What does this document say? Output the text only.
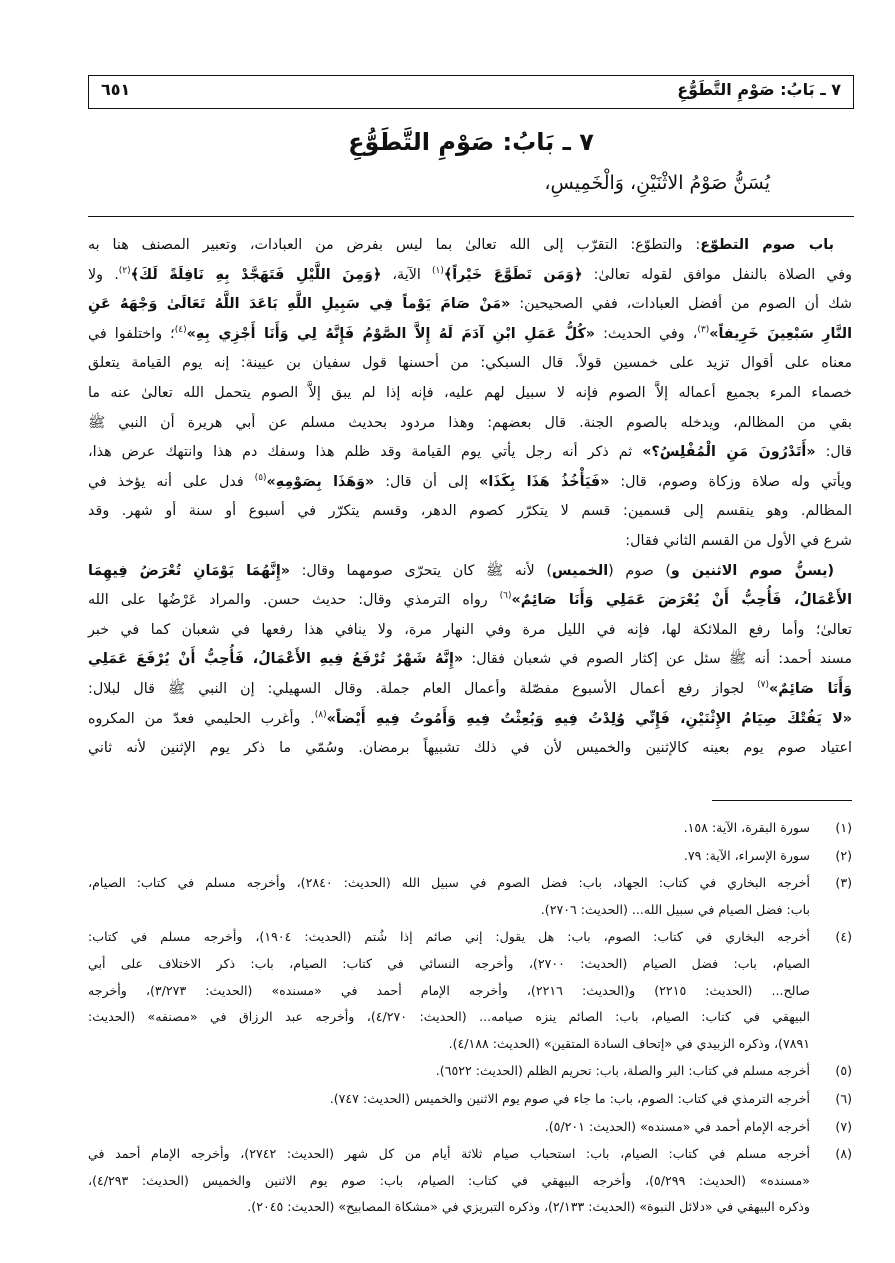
٧ ـ بَابُ: صَوْمِ التَّطَوُّعِ
٦٥١
٧ ـ بَابُ: صَوْمِ التَّطَوُّعِ
يُسَنُّ صَوْمُ الاثْنَيْنِ، وَالْخَمِيسِ،
باب صوم التطوّع: والتطوّع: التقرّب إلى الله تعالىٰ بما ليس بفرض من العبادات، وتعبير المصنف هنا به
وفي الصلاة بالنفل موافق لقوله تعالىٰ: ﴿وَمَن تَطَوَّعَ خَيْراً﴾$^{(١)}$ الآية، ﴿وَمِنَ اللَّيْلِ فَتَهَجَّدْ بِهِ نَافِلَةً لَكَ﴾$^{(٢)}$. ولا
شك أن الصوم من أفضل العبادات، ففي الصحيحين: «مَنْ صَامَ يَوْماً فِي سَبِيلِ اللَّهِ بَاعَدَ اللَّهُ تَعَالَىٰ وَجْهَهُ عَنِ
النَّارِ سَبْعِينَ خَرِيفاً»$^{(٣)}$، وفي الحديث: «كُلُّ عَمَلِ ابْنِ آدَمَ لَهُ إِلاَّ الصَّوْمُ فَإِنَّهُ لِي وَأَنَا أَجْزِي بِهِ»$^{(٤)}$؛ واختلفوا في
معناه على أقوال تزيد على خمسين قولاً. قال السبكي: من أحسنها قول سفيان بن عيينة: إنه يوم القيامة يتعلق
خصماء المرء بجميع أعماله إلاَّ الصوم فإنه لا سبيل لهم عليه، فإنه إذا لم يبق إلاَّ الصوم يتحمل الله تعالىٰ عنه ما
بقي من المظالم، ويدخله بالصوم الجنة. قال بعضهم: وهذا مردود بحديث مسلم عن أبي هريرة أن النبي ﷺ
قال: «أَتَدْرُونَ مَنِ الْمُفْلِسُ؟» ثم ذكر أنه رجل يأتي يوم القيامة وقد ظلم هذا وسفك دم هذا وانتهك عرض هذا،
ويأتي وله صلاة وزكاة وصوم، قال: «فَيَأْخُذُ هَذَا بِكَذَا» إلى أن قال: «وَهَذَا بِصَوْمِهِ»$^{(٥)}$ فدل على أنه يؤخذ في
المظالم. وهو ينقسم إلى قسمين: قسم لا يتكرّر كصوم الدهر، وقسم يتكرّر في أسبوع أو سنة أو شهر. وقد
شرع في الأول من القسم الثاني فقال:
(يسنُّ صوم الاثنين و) صوم (الخميس) لأنه ﷺ كان يتحرّى صومهما وقال: «إِنَّهُمَا يَوْمَانِ تُعْرَضُ فِيهِمَا
الأَعْمَالُ، فَأُحِبُّ أَنْ يُعْرَضَ عَمَلِي وَأَنَا صَائِمٌ»$^{(٦)}$ رواه الترمذي وقال: حديث حسن. والمراد عَرْضُها على الله
تعالىٰ؛ وأما رفع الملائكة لها، فإنه في الليل مرة وفي النهار مرة، ولا ينافي هذا رفعها في شعبان كما في خبر
مسند أحمد: أنه ﷺ سئل عن إكثار الصوم في شعبان فقال: «إِنَّهُ شَهْرٌ تُرْفَعُ فِيهِ الأَعْمَالُ، فَأُحِبُّ أَنْ يُرْفَعَ عَمَلِي
وَأَنَا صَائِمٌ»$^{(٧)}$ لجواز رفع أعمال الأسبوع مفصّلة وأعمال العام جملة. وقال السهيلي: إن النبي ﷺ قال لبلال:
«لا يَفُتْكَ صِيَامُ الإِثْنَيْنِ، فَإِنِّي وُلِدْتُ فِيهِ وَبُعِثْتُ فِيهِ وَأَمُوتُ فِيهِ أَيْضاً»$^{(٨)}$. وأغرب الحليمي فعدّ من المكروه
اعتياد صوم يوم بعينه كالإثنين والخميس لأن في ذلك تشبيهاً برمضان. وسُمّي ما ذكر يوم الإثنين لأنه ثاني
(١)
سورة البقرة، الآية: ١٥٨.
(٢)
سورة الإسراء، الآية: ٧٩.
(٣)
أخرجه البخاري في كتاب: الجهاد، باب: فضل الصوم في سبيل الله (الحديث: ٢٨٤٠)، وأخرجه مسلم في كتاب: الصيام،
باب: فضل الصيام في سبيل الله... (الحديث: ٢٧٠٦).
(٤)
أخرجه البخاري في كتاب: الصوم، باب: هل يقول: إني صائم إذا شُتم (الحديث: ١٩٠٤)، وأخرجه مسلم في كتاب:
الصيام، باب: فضل الصيام (الحديث: ٢٧٠٠)، وأخرجه النسائي في كتاب: الصيام، باب: ذكر الاختلاف على أبي
صالح... (الحديث: ٢٢١٥) و(الحديث: ٢٢١٦)، وأخرجه الإمام أحمد في «مسنده» (الحديث: ٣/٢٧٣)، وأخرجه
البيهقي في كتاب: الصيام، باب: الصائم ينزه صيامه... (الحديث: ٤/٢٧٠)، وأخرجه عبد الرزاق في «مصنفه» (الحديث:
٧٨٩١)، وذكره الزبيدي في «إتحاف السادة المتقين» (الحديث: ٤/١٨٨).
(٥)
أخرجه مسلم في كتاب: البر والصلة، باب: تحريم الظلم (الحديث: ٦٥٢٢).
(٦)
أخرجه الترمذي في كتاب: الصوم، باب: ما جاء في صوم يوم الاثنين والخميس (الحديث: ٧٤٧).
(٧)
أخرجه الإمام أحمد في «مسنده» (الحديث: ٥/٢٠١).
(٨)
أخرجه مسلم في كتاب: الصيام، باب: استحباب صيام ثلاثة أيام من كل شهر (الحديث: ٢٧٤٢)، وأخرجه الإمام أحمد في
«مسنده» (الحديث: ٥/٢٩٩)، وأخرجه البيهقي في كتاب: الصيام، باب: صوم يوم الاثنين والخميس (الحديث: ٤/٢٩٣)،
وذكره البيهقي في «دلائل النبوة» (الحديث: ٢/١٣٣)، وذكره التبريزي في «مشكاة المصابيح» (الحديث: ٢٠٤٥).
